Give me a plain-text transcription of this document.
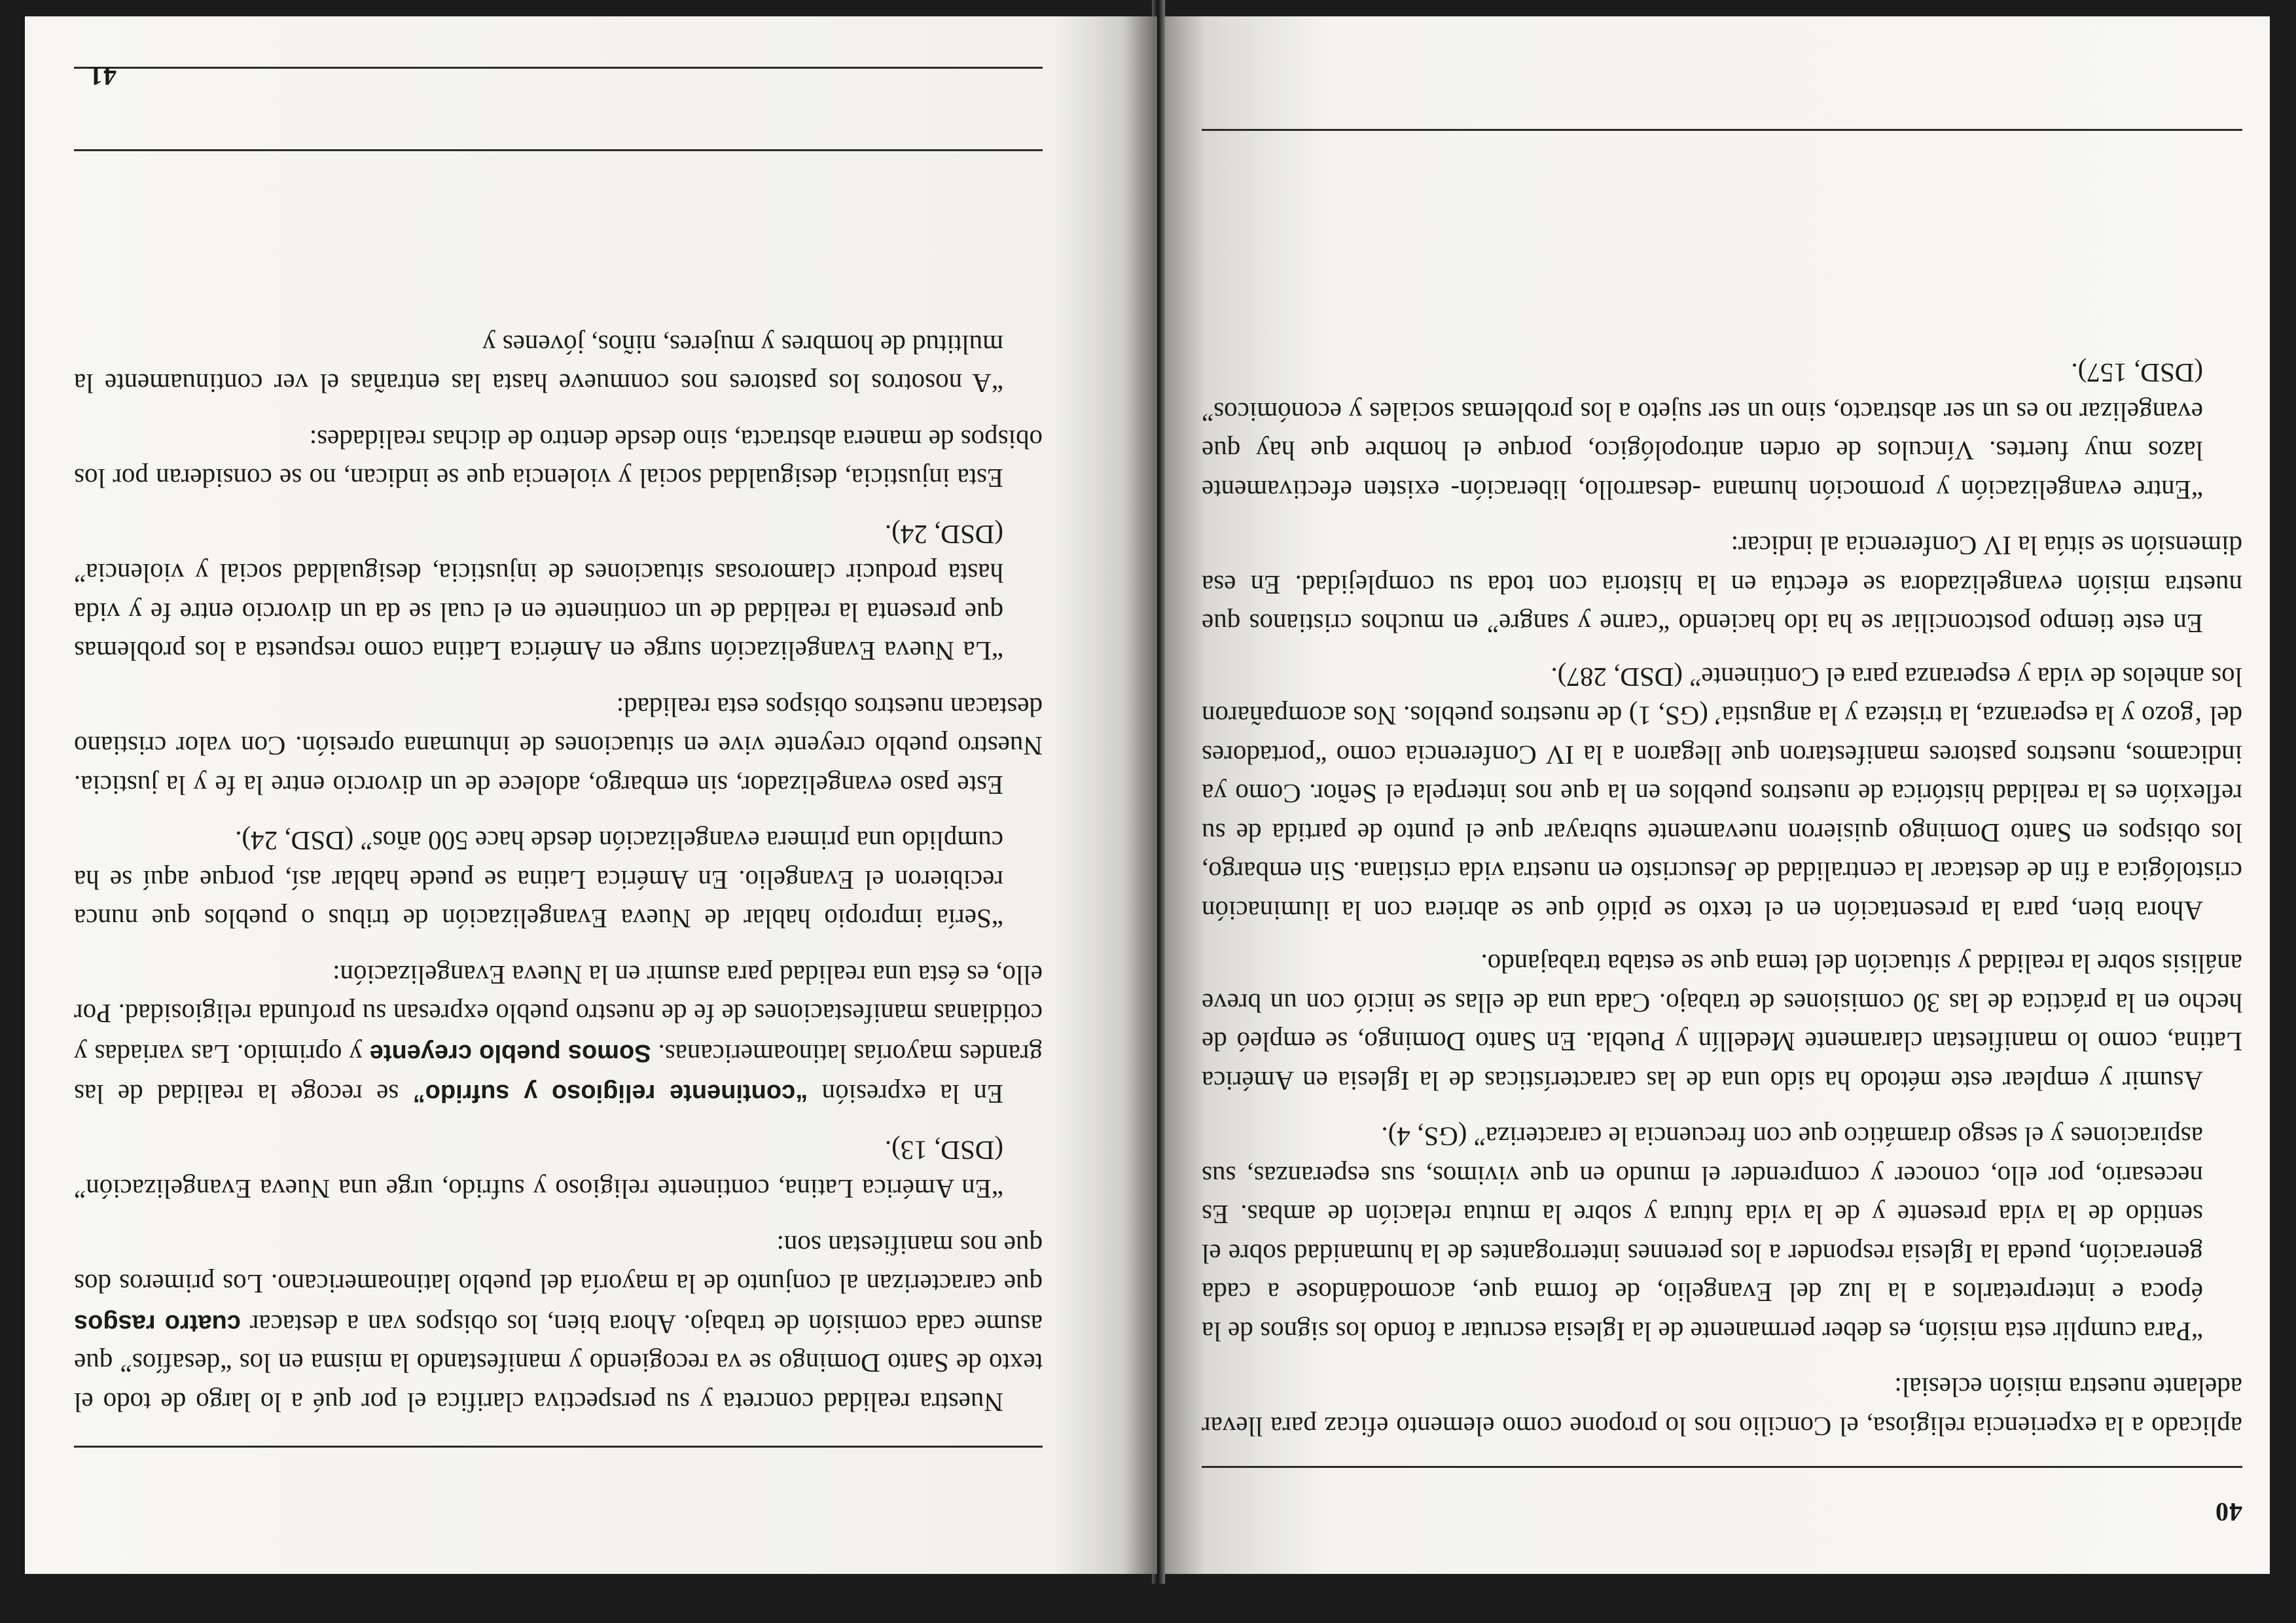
40

aplicado a la experiencia religiosa, el Concilio nos lo propone como elemento eficaz para llevar adelante nuestra misión eclesial:

“Para cumplir esta misión, es deber permanente de la Iglesia escrutar a fondo los signos de la época e interpretarlos a la luz del Evangelio, de forma que, acomodándose a cada generación, pueda la Iglesia responder a los perennes interrogantes de la humanidad sobre el sentido de la vida presente y de la vida futura y sobre la mutua relación de ambas. Es necesario, por ello, conocer y comprender el mundo en que vivimos, sus esperanzas, sus aspiraciones y el sesgo dramático que con frecuencia le caracteriza” (GS, 4).

Asumir y emplear este método ha sido una de las características de la Iglesia en América Latina, como lo manifiestan claramente Medellín y Puebla. En Santo Domingo, se empleó de hecho en la práctica de las 30 comisiones de trabajo. Cada una de ellas se inició con un breve análisis sobre la realidad y situación del tema que se estaba trabajando.

Ahora bien, para la presentación en el texto se pidió que se abriera con la iluminación cristológica a fin de destacar la centralidad de Jesucristo en nuestra vida cristiana. Sin embargo, los obispos en Santo Domingo quisieron nuevamente subrayar que el punto de partida de su reflexión es la realidad histórica de nuestros pueblos en la que nos interpela el Señor. Como ya indicamos, nuestros pastores manifestaron que llegaron a la IV Conferencia como “portadores del ‘gozo y la esperanza, la tristeza y la angustia’ (GS, 1) de nuestros pueblos. Nos acompañaron los anhelos de vida y esperanza para el Continente” (DSD, 287).

En este tiempo postconciliar se ha ido haciendo “carne y sangre” en muchos cristianos que nuestra misión evangelizadora se efectúa en la historia con toda su complejidad. En esa dimensión se sitúa la IV Conferencia al indicar:

“Entre evangelización y promoción humana -desarrollo, liberación- existen efectivamente lazos muy fuertes. Vínculos de orden antropológico, porque el hombre que hay que evangelizar no es un ser abstracto, sino un ser sujeto a los problemas sociales y económicos” (DSD, 157).

Nuestra realidad concreta y su perspectiva clarifica el por qué a lo largo de todo el texto de Santo Domingo se va recogiendo y manifestando la misma en los “desafíos” que asume cada comisión de trabajo. Ahora bien, los obispos van a destacar cuatro rasgos que caracterizan al conjunto de la mayoría del pueblo latinoamericano. Los primeros dos que nos manifiestan son:

“En América Latina, continente religioso y sufrido, urge una Nueva Evangelización” (DSD, 13).

En la expresión “continente religioso y sufrido” se recoge la realidad de las grandes mayorías latinoamericanas. Somos pueblo creyente y oprimido. Las variadas y cotidianas manifestaciones de fe de nuestro pueblo expresan su profunda religiosidad. Por ello, es ésta una realidad para asumir en la Nueva Evangelización:

“Sería impropio hablar de Nueva Evangelización de tribus o pueblos que nunca recibieron el Evangelio. En América Latina se puede hablar así, porque aquí se ha cumplido una primera evangelización desde hace 500 años” (DSD, 24).

Este paso evangelizador, sin embargo, adolece de un divorcio entre la fe y la justicia. Nuestro pueblo creyente vive en situaciones de inhumana opresión. Con valor cristiano destacan nuestros obispos esta realidad:

“La Nueva Evangelización surge en América Latina como respuesta a los problemas que presenta la realidad de un continente en el cual se da un divorcio entre fe y vida hasta producir clamorosas situaciones de injusticia, desigualdad social y violencia” (DSD, 24).

Esta injusticia, desigualdad social y violencia que se indican, no se consideran por los obispos de manera abstracta, sino desde dentro de dichas realidades:

“A nosotros los pastores nos conmueve hasta las entrañas el ver continuamente la multitud de hombres y mujeres, niños, jóvenes y

41
